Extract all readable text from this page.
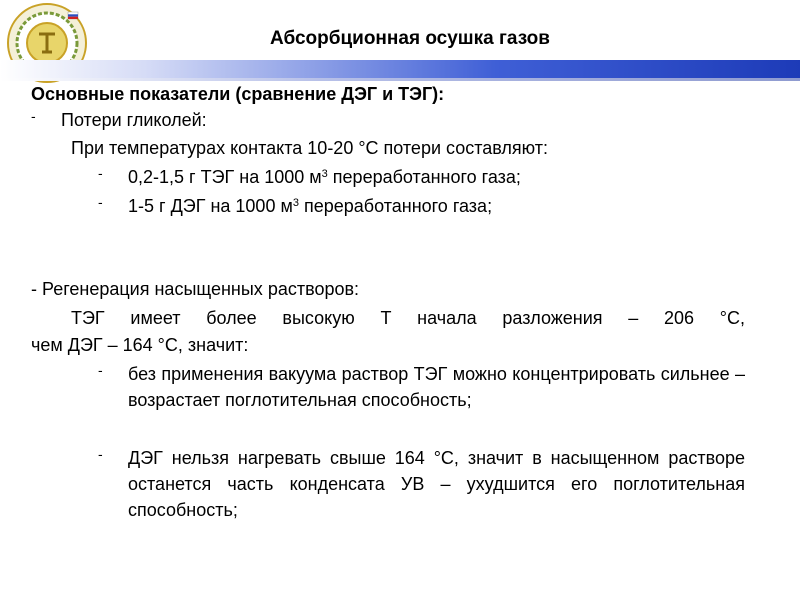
Абсорбционная осушка газов
Основные показатели (сравнение ДЭГ и ТЭГ):
- Потери гликолей:
При температурах контакта 10-20 °С потери составляют:
- 0,2-1,5 г ТЭГ на 1000 $м^3$ переработанного газа;
- 1-5 г ДЭГ на 1000 $м^3$ переработанного газа;
- Регенерация насыщенных растворов:
ТЭГ имеет более высокую Т начала разложения – 206 °С,
чем ДЭГ – 164 °С, значит:
- без применения вакуума раствор ТЭГ можно концентрировать сильнее – возрастает поглотительная способность;
- ДЭГ нельзя нагревать свыше 164 °С, значит в насыщенном растворе останется часть конденсата УВ – ухудшится его поглотительная способность;
